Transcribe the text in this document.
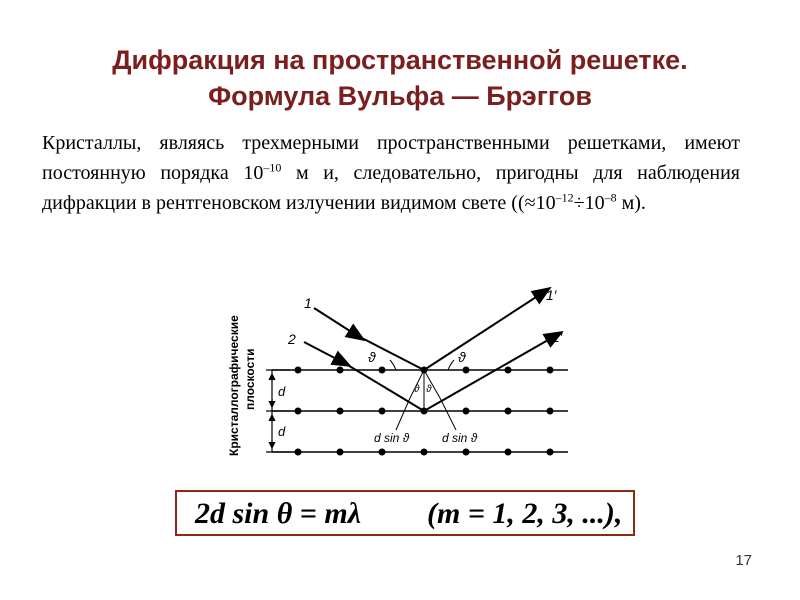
Дифракция на пространственной решетке.
Формула Вульфа — Брэггов
Кристаллы, являясь трехмерными пространственными решетками, имеют постоянную порядка $10^{-10}$ м и, следовательно, пригодны для наблюдения дифракции в рентгеновском излучении видимом свете (($\approx 10^{-12}\div 10^{-8}$ м).
Кристаллографические плоскости d
d
1	1′
2	2′
ϑ	ϑ
ϑ ϑ
d sin ϑ	d sin ϑ
2d sin θ = mλ (m = 1, 2, 3, ...),
17
